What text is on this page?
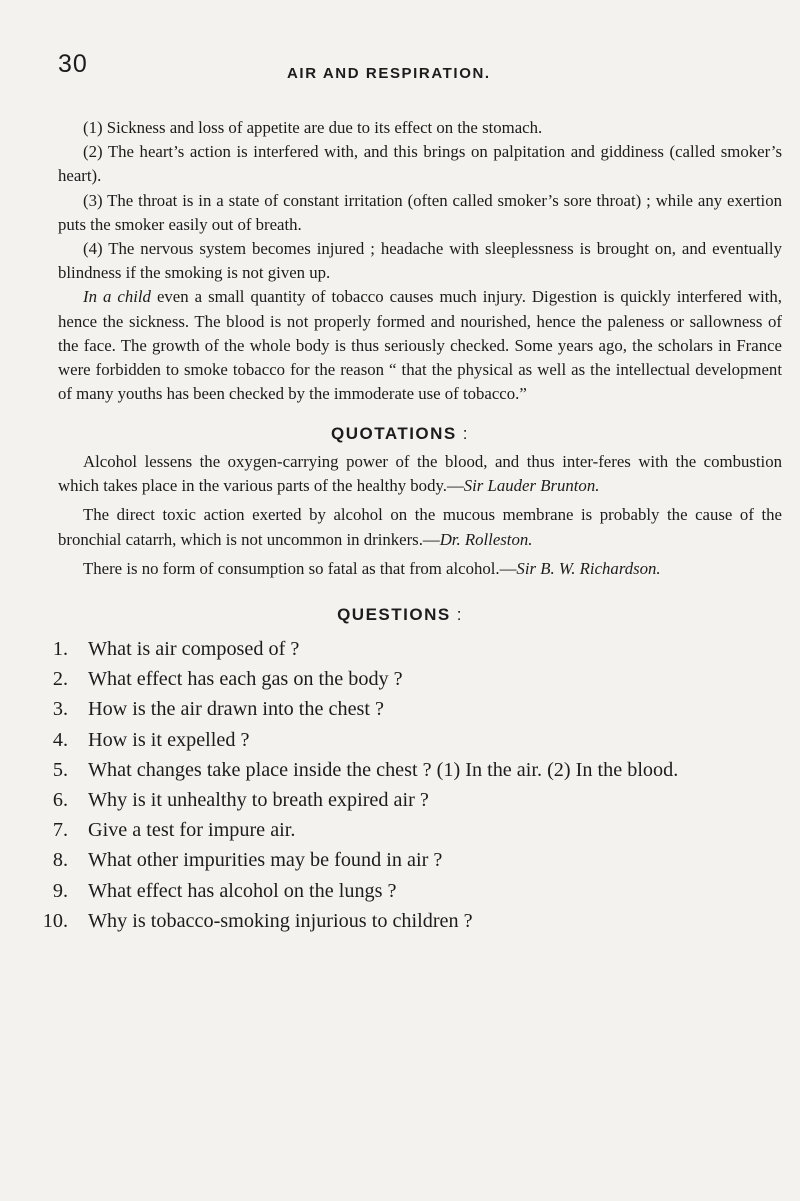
30	AIR AND RESPIRATION.

(1) Sickness and loss of appetite are due to its effect on the stomach.

(2) The heart’s action is interfered with, and this brings on palpitation and giddiness (called smoker’s heart).

(3) The throat is in a state of constant irritation (often called smoker’s sore throat) ; while any exertion puts the smoker easily out of breath.

(4) The nervous system becomes injured ; headache with sleeplessness is brought on, and eventually blindness if the smoking is not given up.

In a child even a small quantity of tobacco causes much injury. Digestion is quickly interfered with, hence the sickness. The blood is not properly formed and nourished, hence the paleness or sallowness of the face. The growth of the whole body is thus seriously checked. Some years ago, the scholars in France were forbidden to smoke tobacco for the reason “ that the physical as well as the intellectual development of many youths has been checked by the immoderate use of tobacco.”

QUOTATIONS :

Alcohol lessens the oxygen-carrying power of the blood, and thus inter-feres with the combustion which takes place in the various parts of the healthy body.—Sir Lauder Brunton.

The direct toxic action exerted by alcohol on the mucous membrane is probably the cause of the bronchial catarrh, which is not uncommon in drinkers.—Dr. Rolleston.

There is no form of consumption so fatal as that from alcohol.—Sir B. W. Richardson.

QUESTIONS :
1. What is air composed of ?
2. What effect has each gas on the body ?
3. How is the air drawn into the chest ?
4. How is it expelled ?
5. What changes take place inside the chest ? (1) In the air. (2) In the blood.
6. Why is it unhealthy to breath expired air ?
7. Give a test for impure air.
8. What other impurities may be found in air ?
9. What effect has alcohol on the lungs ?
10. Why is tobacco-smoking injurious to children ?
